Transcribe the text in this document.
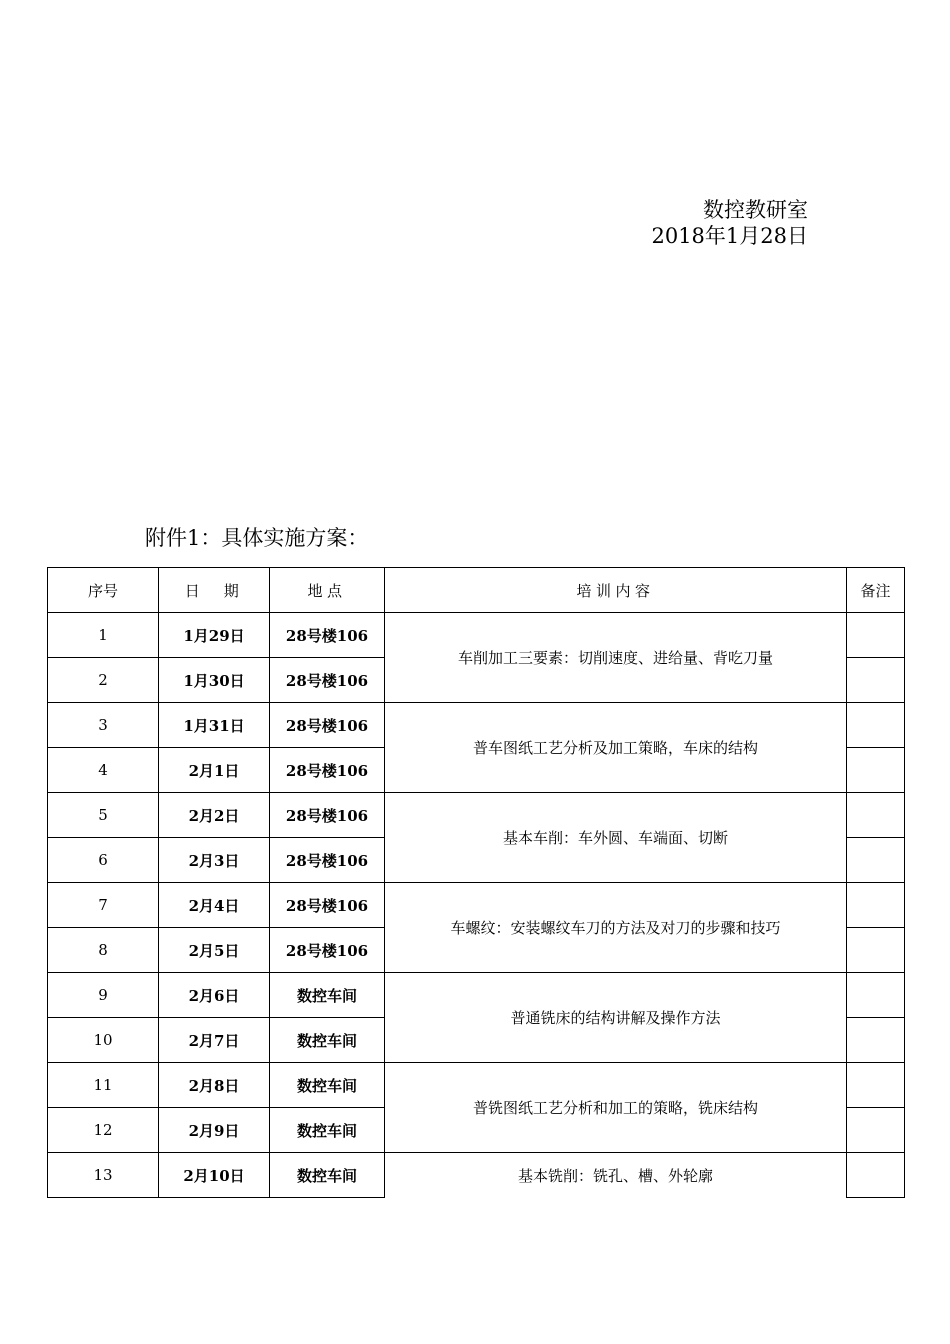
数控教研室
2018年1月28日
附件1：具体实施方案：
序号	日　期	地点	培训内容	备注
1	1月29日	28号楼106	车削加工三要素：切削速度、进给量、背吃刀量	
2	1月30日	28号楼106		
3	1月31日	28号楼106	普车图纸工艺分析及加工策略，车床的结构	
4	2月1日	28号楼106		
5	2月2日	28号楼106	基本车削：车外圆、车端面、切断	
6	2月3日	28号楼106		
7	2月4日	28号楼106	车螺纹：安装螺纹车刀的方法及对刀的步骤和技巧	
8	2月5日	28号楼106		
9	2月6日	数控车间	普通铣床的结构讲解及操作方法	
10	2月7日	数控车间		
11	2月8日	数控车间	普铣图纸工艺分析和加工的策略，铣床结构	
12	2月9日	数控车间		
13	2月10日	数控车间	基本铣削：铣孔、槽、外轮廓	
